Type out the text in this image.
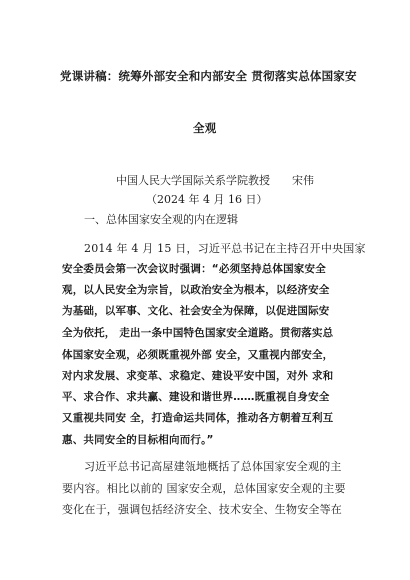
党课讲稿：统筹外部安全和内部安全 贯彻落实总体国家安
全观
中国人民大学国际关系学院教授 宋伟
（2024 年 4 月 16 日）
一、总体国家安全观的内在逻辑
2014 年 4 月 15 日，习近平总书记在主持召开中央国家
安全委员会第一次会议时强调：“必须坚持总体国家安全
观，以人民安全为宗旨，以政治安全为根本，以经济安全
为基础，以军事、文化、社会安全为保障，以促进国际安
全为依托， 走出一条中国特色国家安全道路。贯彻落实总
体国家安全观，必须既重视外部 安全，又重视内部安全，
对内求发展、求变革、求稳定、建设平安中国，对外 求和
平、求合作、求共赢、建设和谐世界……既重视自身安全
又重视共同安 全，打造命运共同体，推动各方朝着互利互
惠、共同安全的目标相向而行。”
习近平总书记高屋建瓴地概括了总体国家安全观的主
要内容。相比以前的 国家安全观，总体国家安全观的主要
变化在于，强调包括经济安全、技术安全、生物安全等在
